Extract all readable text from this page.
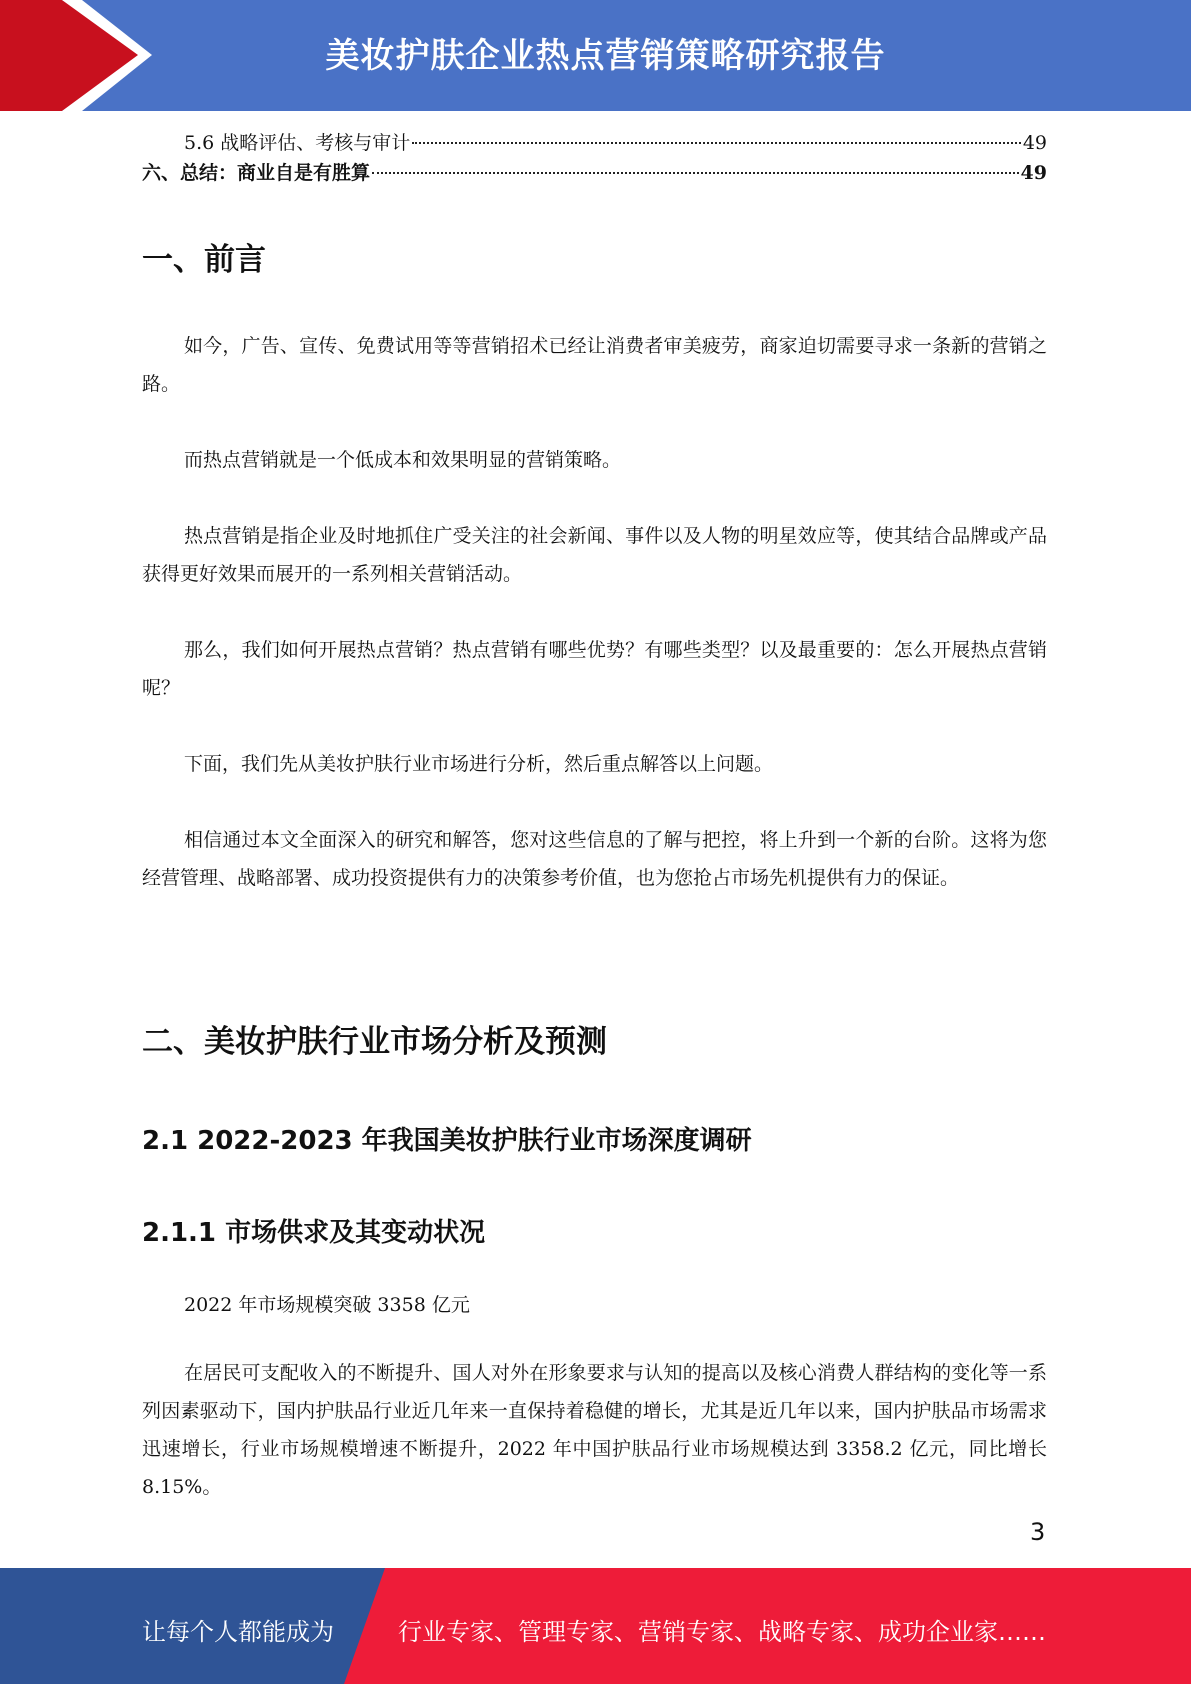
美妆护肤企业热点营销策略研究报告
5.6 战略评估、考核与审计	49
六、总结：商业自是有胜算	49
一、前言

如今，广告、宣传、免费试用等等营销招术已经让消费者审美疲劳，商家迫切需要寻求一条新的营销之路。

而热点营销就是一个低成本和效果明显的营销策略。

热点营销是指企业及时地抓住广受关注的社会新闻、事件以及人物的明星效应等，使其结合品牌或产品获得更好效果而展开的一系列相关营销活动。

那么，我们如何开展热点营销？热点营销有哪些优势？有哪些类型？以及最重要的：怎么开展热点营销呢？

下面，我们先从美妆护肤行业市场进行分析，然后重点解答以上问题。

相信通过本文全面深入的研究和解答，您对这些信息的了解与把控，将上升到一个新的台阶。这将为您经营管理、战略部署、成功投资提供有力的决策参考价值，也为您抢占市场先机提供有力的保证。

二、美妆护肤行业市场分析及预测
2.1 2022-2023 年我国美妆护肤行业市场深度调研
2.1.1 市场供求及其变动状况

2022 年市场规模突破 3358 亿元

在居民可支配收入的不断提升、国人对外在形象要求与认知的提高以及核心消费人群结构的变化等一系列因素驱动下，国内护肤品行业近几年来一直保持着稳健的增长，尤其是近几年以来，国内护肤品市场需求迅速增长，行业市场规模增速不断提升，2022 年中国护肤品行业市场规模达到 3358.2 亿元，同比增长 8.15%。

3
让每个人都能成为	行业专家、管理专家、营销专家、战略专家、成功企业家……
